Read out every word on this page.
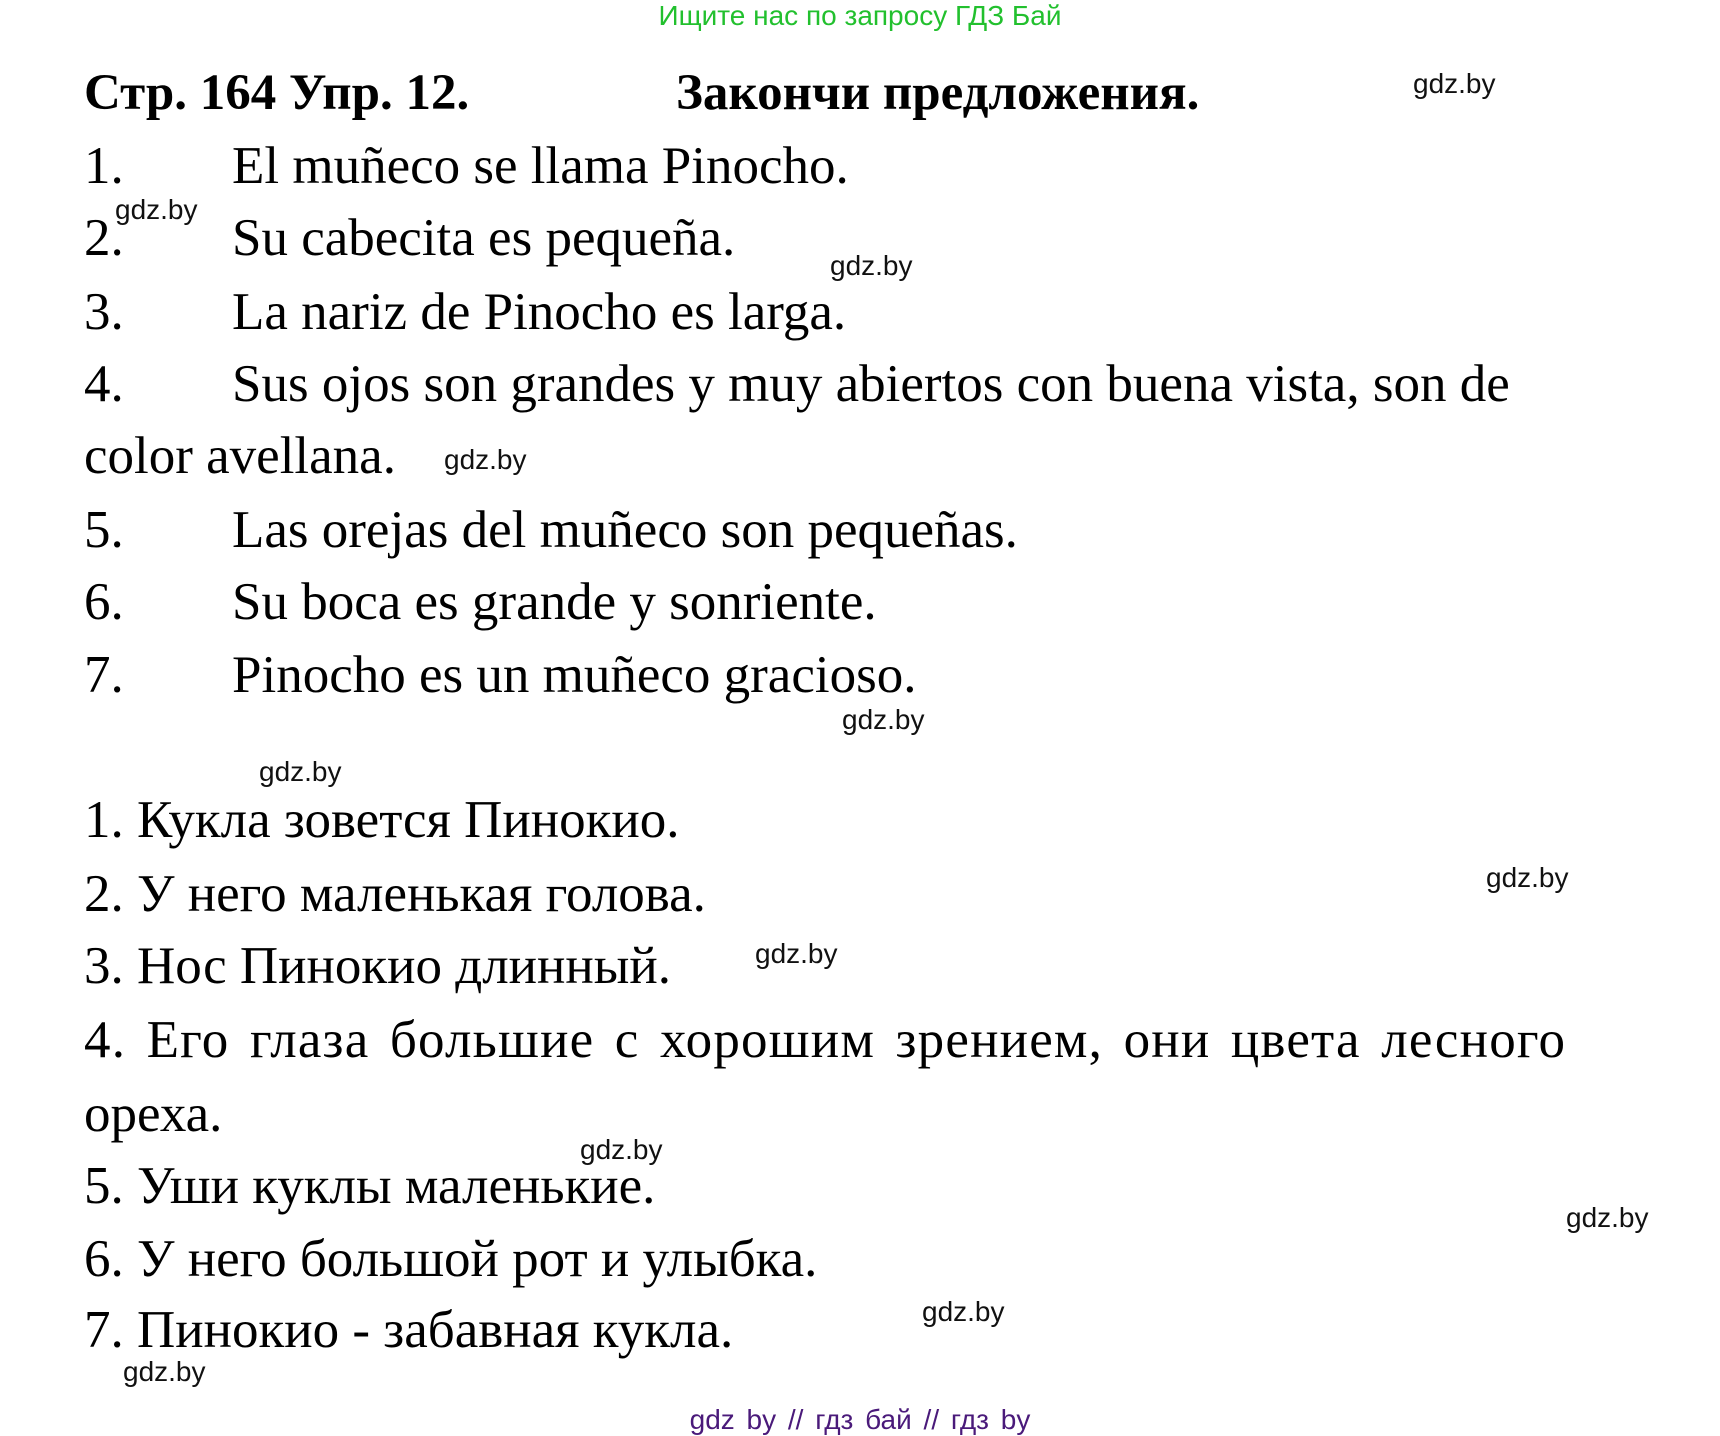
Ищите нас по запросу ГДЗ Бай
Стр. 164 Упр. 12.	Закончи предложения.	gdz.by
1. El muñeco se llama Pinocho.
2. Su cabecita es pequeña.
3. La nariz de Pinocho es larga.
4. Sus ojos son grandes y muy abiertos con buena vista, son de
color avellana.
5. Las orejas del muñeco son pequeñas.
6. Su boca es grande y sonriente.
7. Pinocho es un muñeco gracioso.
gdz.by
gdz.by
gdz.by
gdz.by
gdz.by
1. Кукла зовется Пинокио.
2. У него маленькая голова.
3. Нос Пинокио длинный.
4. Его глаза большие с хорошим зрением, они цвета лесного
ореха.
5. Уши куклы маленькие.
6. У него большой рот и улыбка.
7. Пинокио - забавная кукла.
gdz.by
gdz.by
gdz.by
gdz.by
gdz.by
gdz.by
gdz by // гдз бай // гдз by
